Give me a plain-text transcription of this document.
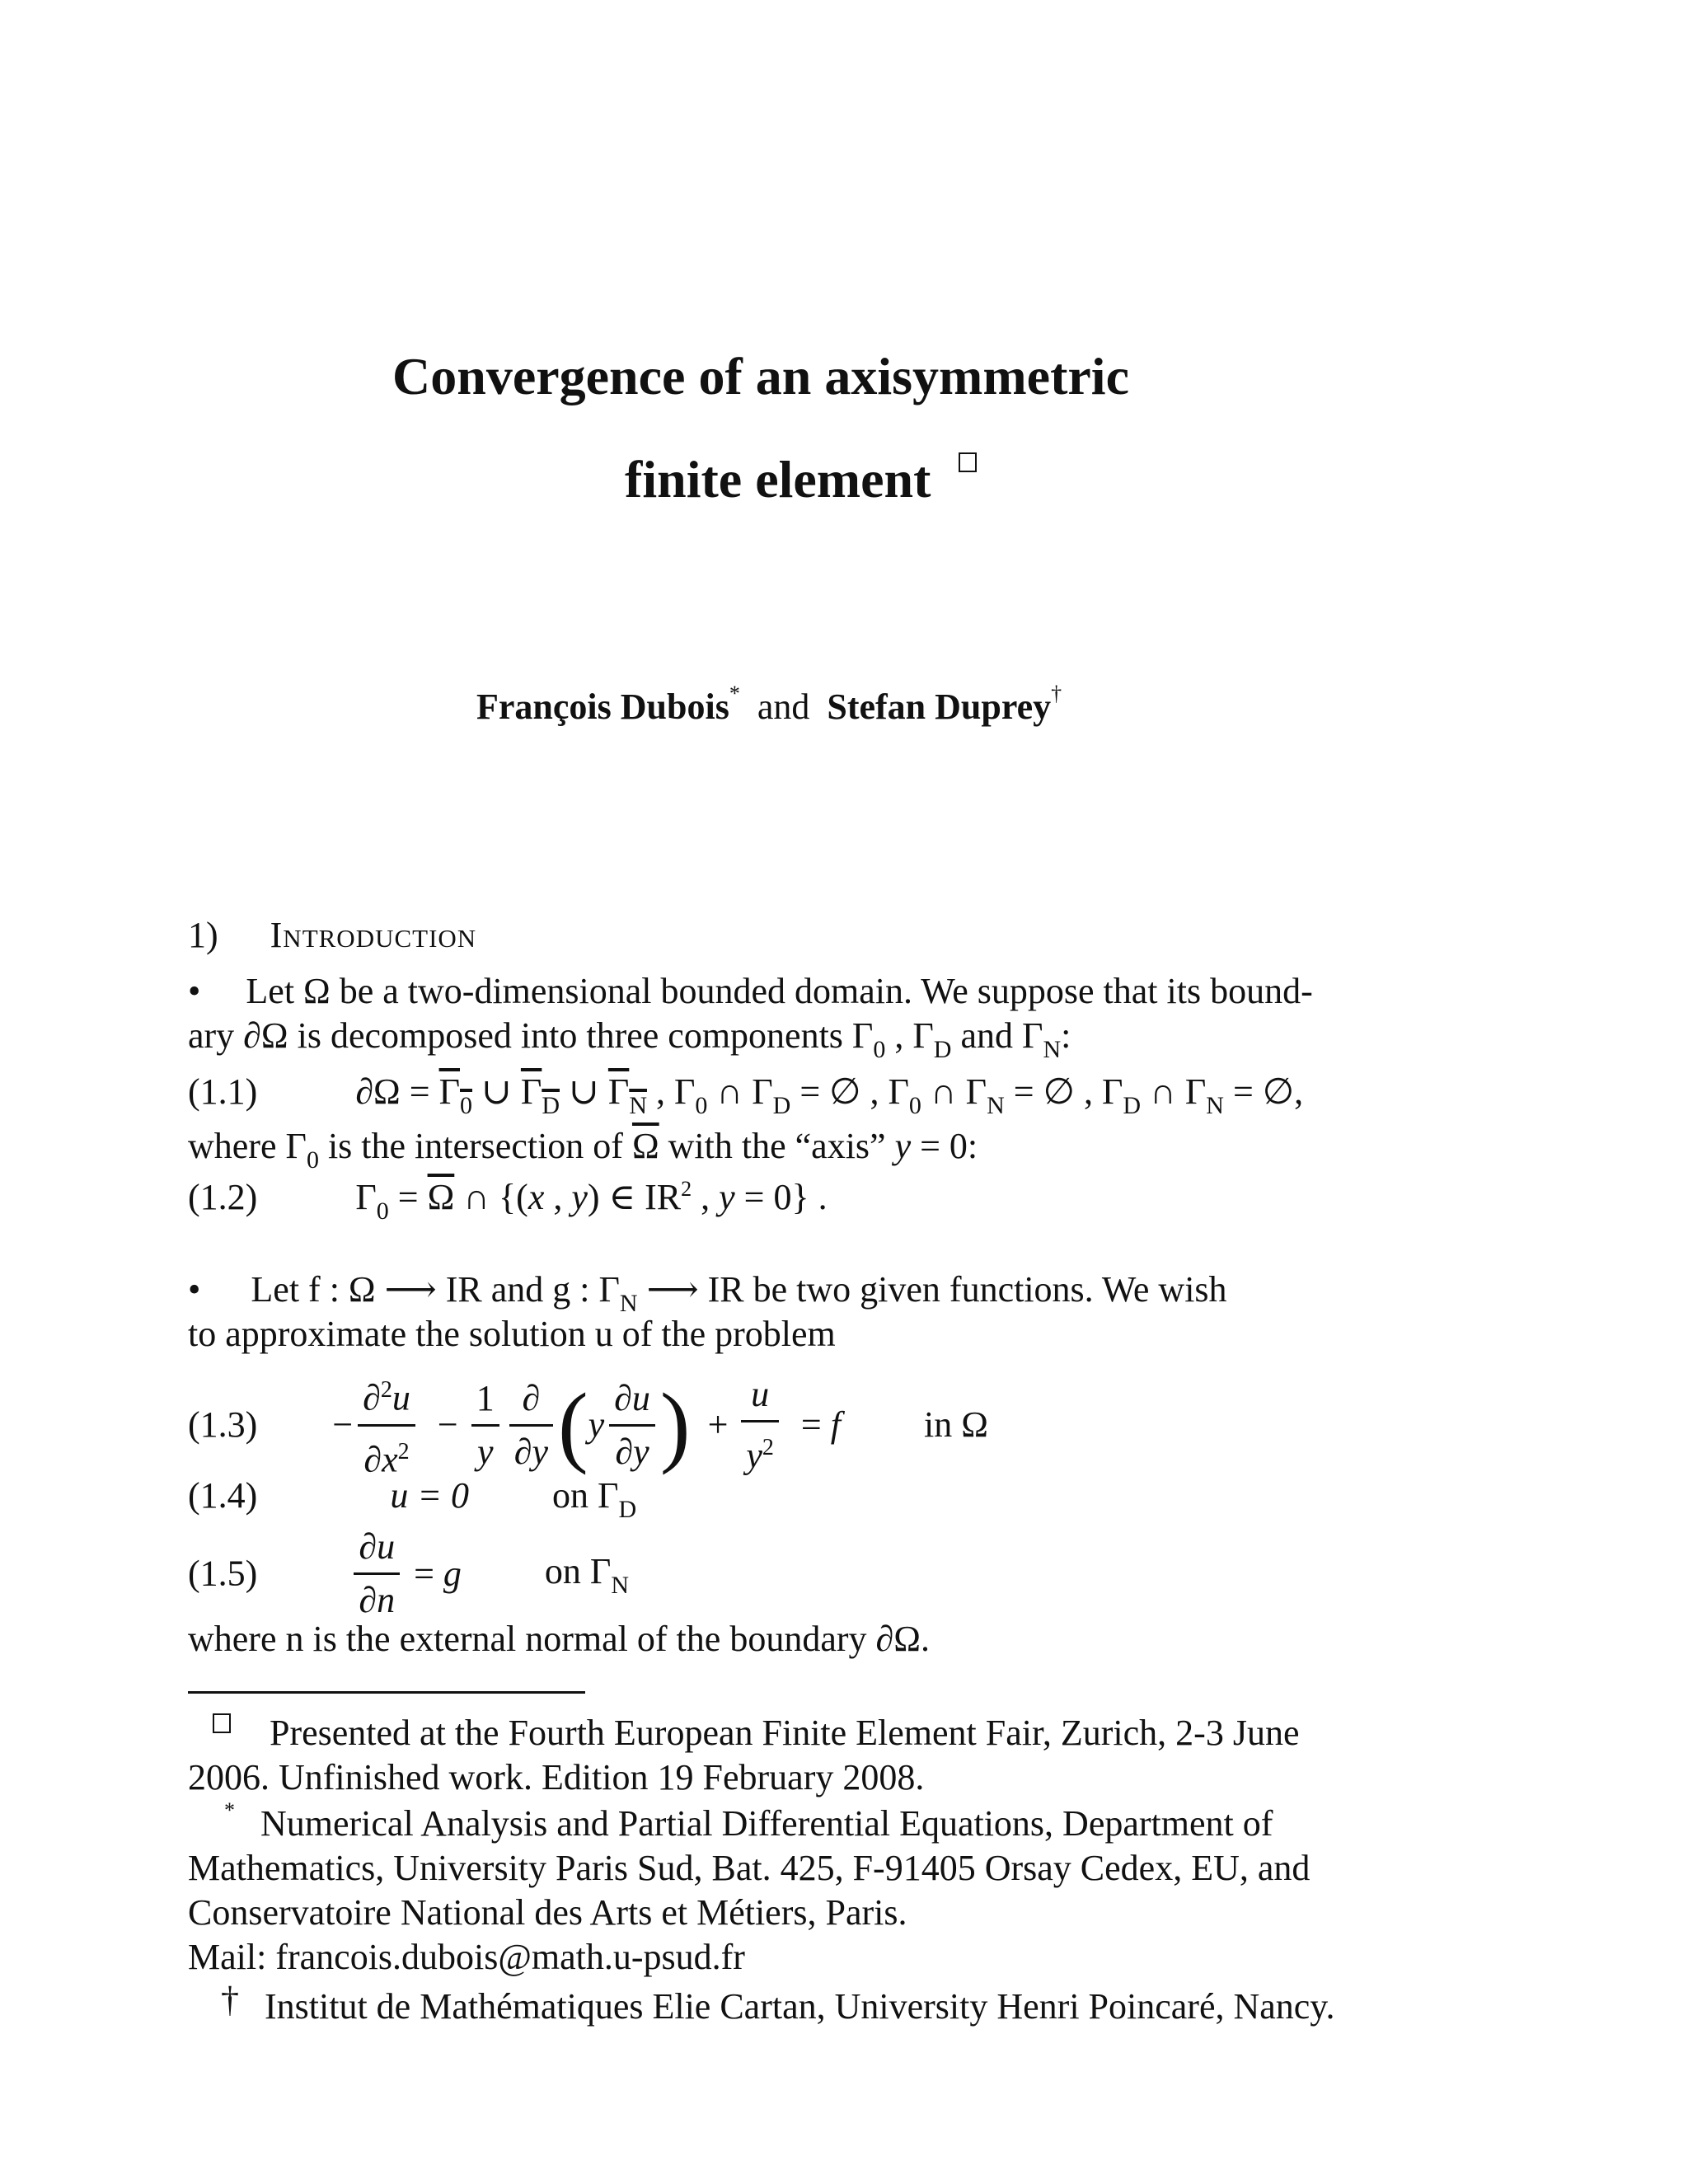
Convergence of an axisymmetric
finite element
François Dubois* and Stefan Duprey†
1) Introduction
• Let Ω be a two-dimensional bounded domain. We suppose that its bound-
ary ∂Ω is decomposed into three components $\Gamma_0$ , $\Gamma_D$ and $\Gamma_N$:
(1.1)	$\partial\Omega = \Gamma_0$ ∪ $\Gamma_D$ ∪ $\Gamma_N$ , $\Gamma_0$ ∩ $\Gamma_D$ = ∅ , $\Gamma_0$ ∩ $\Gamma_N$ = ∅ , $\Gamma_D$ ∩ $\Gamma_N$ = ∅,
where $\Gamma_0$ is the intersection of $\overline{\Omega}$ with the “axis” y = 0:
(1.2)	$\Gamma_0 = \overline{\Omega}$ ∩ {(x , y) ∈ $IR^2$ , y = 0} .
• Let f : Ω ⟶ IR and g : $\Gamma_N$ ⟶ IR be two given functions. We wish
to approximate the solution u of the problem
$(1.3) - \frac{\partial^2u}{\partial x^2} - \frac{1}{y} \frac{\partial}{\partial y} (y \frac{\partial u}{\partial y}$ ) + $\frac{u}{y^2} = f$ in Ω
(1.4)	u = 0 on $\Gamma_D$
(1.5)	$\frac{\partial u}{\partial n} = g$ on $\Gamma_N$
where n is the external normal of the boundary ∂Ω.
Presented at the Fourth European Finite Element Fair, Zurich, 2-3 June
2006. Unfinished work. Edition 19 February 2008.
* Numerical Analysis and Partial Differential Equations, Department of
Mathematics, University Paris Sud, Bat. 425, F-91405 Orsay Cedex, EU, and
Conservatoire National des Arts et Métiers, Paris.
Mail: francois.dubois@math.u-psud.fr
† Institut de Mathématiques Elie Cartan, University Henri Poincaré, Nancy.
